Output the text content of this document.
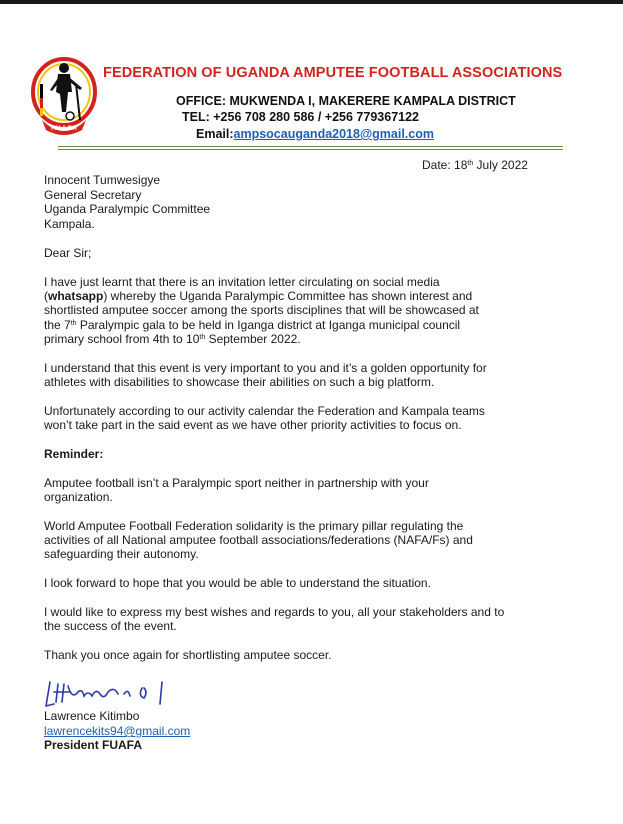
F.U.A.F.A
FEDERATION OF UGANDA AMPUTEE FOOTBALL ASSOCIATIONS
OFFICE: MUKWENDA I, MAKERERE KAMPALA DISTRICT
TEL: +256 708 280 586 / +256 779367122
Email:ampsocauganda2018@gmail.com
Date: 18th July 2022
Innocent Tumwesigye
General Secretary
Uganda Paralympic Committee
Kampala.
Dear Sir;
I have just learnt that there is an invitation letter circulating on social media
(whatsapp) whereby the Uganda Paralympic Committee has shown interest and
shortlisted amputee soccer among the sports disciplines that will be showcased at
the 7th Paralympic gala to be held in Iganga district at Iganga municipal council
primary school from 4th to 10th September 2022.
I understand that this event is very important to you and it’s a golden opportunity for
athletes with disabilities to showcase their abilities on such a big platform.
Unfortunately according to our activity calendar the Federation and Kampala teams
won’t take part in the said event as we have other priority activities to focus on.
Reminder:
Amputee football isn’t a Paralympic sport neither in partnership with your
organization.
World Amputee Football Federation solidarity is the primary pillar regulating the
activities of all National amputee football associations/federations (NAFA/Fs) and
safeguarding their autonomy.
I look forward to hope that you would be able to understand the situation.
I would like to express my best wishes and regards to you, all your stakeholders and to
the success of the event.
Thank you once again for shortlisting amputee soccer.
Lawrence Kitimbo
lawrencekits94@gmail.com
President FUAFA
